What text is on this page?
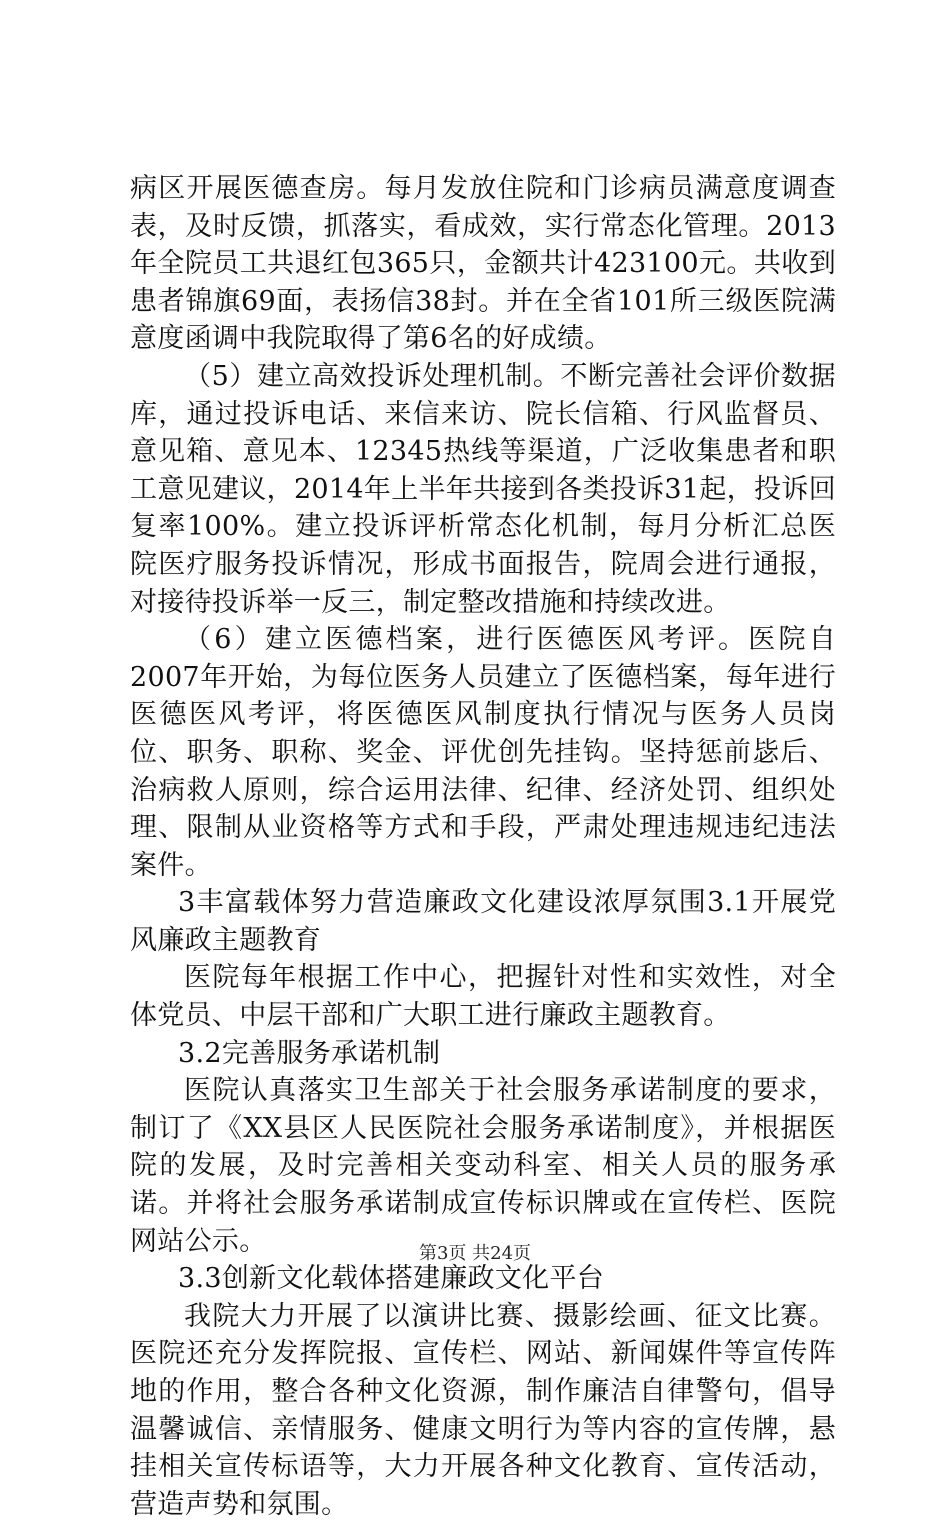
病区开展医德查房。每月发放住院和门诊病员满意度调查表，及时反馈，抓落实，看成效，实行常态化管理。2013年全院员工共退红包365只，金额共计423100元。共收到患者锦旗69面，表扬信38封。并在全省101所三级医院满意度函调中我院取得了第6名的好成绩。

（5）建立高效投诉处理机制。不断完善社会评价数据库，通过投诉电话、来信来访、院长信箱、行风监督员、意见箱、意见本、12345热线等渠道，广泛收集患者和职工意见建议，2014年上半年共接到各类投诉31起，投诉回复率100%。建立投诉评析常态化机制，每月分析汇总医院医疗服务投诉情况，形成书面报告，院周会进行通报，对接待投诉举一反三，制定整改措施和持续改进。

（6）建立医德档案，进行医德医风考评。医院自2007年开始，为每位医务人员建立了医德档案，每年进行医德医风考评，将医德医风制度执行情况与医务人员岗位、职务、职称、奖金、评优创先挂钩。坚持惩前毖后、治病救人原则，综合运用法律、纪律、经济处罚、组织处理、限制从业资格等方式和手段，严肃处理违规违纪违法案件。

3丰富载体努力营造廉政文化建设浓厚氛围3.1开展党风廉政主题教育

医院每年根据工作中心，把握针对性和实效性，对全体党员、中层干部和广大职工进行廉政主题教育。

3.2完善服务承诺机制

医院认真落实卫生部关于社会服务承诺制度的要求，制订了《XX县区人民医院社会服务承诺制度》，并根据医院的发展，及时完善相关变动科室、相关人员的服务承诺。并将社会服务承诺制成宣传标识牌或在宣传栏、医院网站公示。

3.3创新文化载体搭建廉政文化平台

我院大力开展了以演讲比赛、摄影绘画、征文比赛。医院还充分发挥院报、宣传栏、网站、新闻媒件等宣传阵地的作用，整合各种文化资源，制作廉洁自律警句，倡导温馨诚信、亲情服务、健康文明行为等内容的宣传牌，悬挂相关宣传标语等，大力开展各种文化教育、宣传活动，营造声势和氛围。

第3页 共24页
